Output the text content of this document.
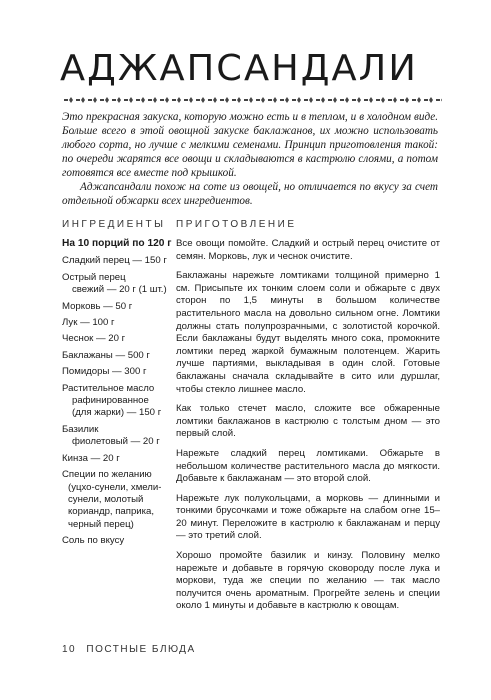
АДЖАПСАНДАЛИ

Это прекрасная закуска, которую можно есть и в теплом, и в холодном виде. Больше всего в этой овощной закуске баклажанов, их можно использовать любого сорта, но лучше с мелкими семенами. Принцип приготовления такой: по очереди жарятся все овощи и складываются в кастрюлю слоями, а потом готовятся все вместе под крышкой.

Аджапсандали похож на соте из овощей, но отличается по вкусу за счет отдельной обжарки всех ингредиентов.

ИНГРЕДИЕНТЫ ПРИГОТОВЛЕНИЕ
На 10 порций по 120 г
Сладкий перец — 150 г
Острый перец
свежий — 20 г (1 шт.)
Морковь — 50 г
Лук — 100 г
Чеснок — 20 г
Баклажаны — 500 г
Помидоры — 300 г
Растительное масло
рафинированное
(для жарки) — 150 г
Базилик
фиолетовый — 20 г
Кинза — 20 г
Специи по желанию
(уцхо-сунели, хмели-
сунели, молотый
кориандр, паприка,
черный перец)
Соль по вкусу

Все овощи помойте. Сладкий и острый перец очистите от семян. Морковь, лук и чеснок очистите.

Баклажаны нарежьте ломтиками толщиной примерно 1 см. Присыпьте их тонким слоем соли и обжарьте с двух сторон по 1,5 минуты в большом количестве растительного масла на довольно сильном огне. Ломтики должны стать полупрозрачными, с золотистой корочкой. Если баклажаны будут выделять много сока, промокните ломтики перед жаркой бумажным полотенцем. Жарить лучше партиями, выкладывая в один слой. Готовые баклажаны сначала складывайте в сито или дуршлаг, чтобы стекло лишнее масло.

Как только стечет масло, сложите все обжаренные ломтики баклажанов в кастрюлю с толстым дном — это первый слой.

Нарежьте сладкий перец ломтиками. Обжарьте в небольшом количестве растительного масла до мягкости. Добавьте к баклажанам — это второй слой.

Нарежьте лук полукольцами, а морковь — длинными и тонкими брусочками и тоже обжарьте на слабом огне 15–20 минут. Переложите в кастрюлю к баклажанам и перцу — это третий слой.

Хорошо промойте базилик и кинзу. Половину мелко нарежьте и добавьте в горячую сковороду после лука и моркови, туда же специи по желанию — так масло получится очень ароматным. Прогрейте зелень и специи около 1 минуты и добавьте в кастрюлю к овощам.

10 ПОСТНЫЕ БЛЮДА
